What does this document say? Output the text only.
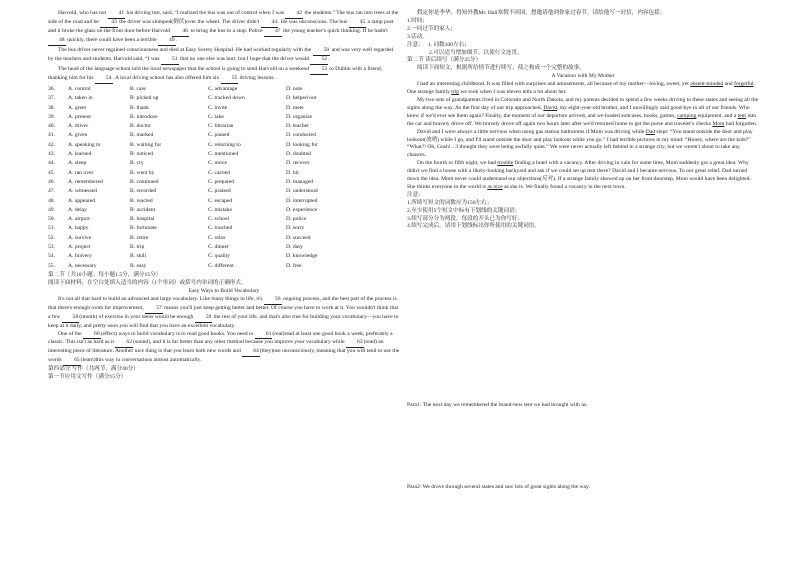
Harvold, who has not 41 his driving test, said, “I realized the bus was out of control when I was 42 the students.” The bus ran into trees at the side of the road and he 43 the driver was slumped(倒伏)over the wheel. The driver didn't 44. He was unconscious. The bus 45 a lamp post and it broke the glass on the front door before Harvold 46 to bring the bus to a stop. Police 47 the young teacher's quick thinking. If he hadn't 48 quickly, there could have been a terrible 49.

The bus driver never regained consciousness and died at Easy Surrey Hospital. He had worked regularly with the 50 and was very well regarded by the teachers and students. Harvold said, “I was 51 that no one else was hurt, but I hope that the driver would 52.

The head of the language school told the local newspaper that the school is going to send Harvold on a weekend 53 to Dublin with a friend, thanking him for his 54. A local driving school has also offered him six 55 driving lessons.

36.	A. control	B. care	C. advantage	D. note
37.	A. taken in	B. picked up	C. tracked down	D. helped out
38.	A. greet	B. thank	C. invite	D. meet
39.	A. present	B. introduce	C. take	D. organize
40.	A. driver	B. doctor	C. librarian	D. teacher
41.	A. given	B. marked	C. passed	D. conducted
42.	A. speaking to	B. waiting for	C. returning to	D. looking for
43.	A. learned	B. noticed	C. mentioned	D. doubted
44.	A. sleep	B. cry	C. move	D. recover
45.	A. ran over	B. went by	C. carried	D. hit
46.	A. remembered	B. continued	C. prepared	D. managed
47.	A. witnessed	B. recorded	C. praised	D. understood
48.	A. appeared	B. reacted	C. escaped	D. interrupted
49.	A. delay	B. accident	C. mistake	D. experience
50.	A. airport	B. hospital	C. school	D. police
51.	A. happy	B. fortunate	C. touched	D. sorry
52.	A. survive	B. retire	C. relax	D. succeed
53.	A. project	B. trip	C. dinner	D. duty
54.	A. bravery	B. skill	C. quality	D. knowledge
55.	A. necessary	B. easy	C. different	D. free

第二节（共10小题；每小题1.5分，满分15分）

阅读下面材料，在空白处填入适当的内容（1个单词）或括号内单词的正确形式。

Easy Ways to Build Vocabulary

It's not all that hard to build an advanced and large vocabulary. Like many things in life, it's 56 ongoing process, and the best part of the process is that there's enough room for improvement, 57 means you'll just keep getting better and better. Of course you have to work at it. You wouldn't think that a few 58(month) of exercise in your teens would be enough 59 the rest of your life, and that's also true for building your vocabulary—you have to keep at it daily, and pretty soon you will find that you have an excellent vocabulary.

One of the 60(effect) ways to build vocabulary is to read good books. You need to 61(real)read at least one good book a week, preferably a classic. This isn't as hard as it 62(sound), and it is far better than any other method because you improve your vocabulary while 63(read) an interesting piece of literature. Another nice thing is that you learn both new words and 64(they)use unconsciously, meaning that you will tend to use the words 65(learn)this way in conversations almost automatically.

第四部分 写作（共两节，满分40分）

第一节应用文写作（满分15分）

假定你是李华，得知外教Mr. Hall寒假不回国，想邀请他到你家过春节。请给他写一封信，内容包括：

1.时间；

2.一同过节的家人；

3.活动。

注意： 1. 词数100左右；

2.可以适当增加细节，以使行文连贯。

第二节 读后续写（满分25分）

阅读下面短文，根据所给情节进行续写，使之构成一个完整的故事。

A Vacation with My Mother

I had an interesting childhood. It was filled with surprises and amusements, all because of my mother—loving, sweet, yet absent-minded and forgetful. One strange family trip we took when I was eleven tells a lot about her.

My two sets of grandparents lived in Colorado and North Dakota, and my parents decided to spend a few weeks driving to these states and seeing all the sights along the way. As the first day of our trip approached, David, my eight-year-old brother, and I unwillingly said good-bye to all of our friends. Who knew if we'd ever see them again? Finally, the moment of our departure arrived, and we loaded suitcases, books, games, camping equipment, and a tent into the car and bravely drove off. We bravely drove off again two hours later after we'd returned home to get the purse and traveler's checks Mom had forgotten.

David and I were always a little nervous when using gas station bathrooms if Mom was driving while Dad slept: “You stand outside the door and play lookout(放哨) while I go, and I'll stand outside the door and play lookout while you go.” I had terrible pictures in my mind: “Honey, where are the kids?” “What?! Oh, Gosh!…I thought they were being awfully quiet.” We were never actually left behind in a strange city, but we weren't about to take any chances.

On the fourth or fifth night, we had trouble finding a hotel with a vacancy. After driving in vain for some time, Mom suddenly got a great idea: Why didn't we find a house with a likely-looking backyard and ask if we could set up tent there? David and I became nervous. To our great relief, Dad turned down the idea. Mom never could understand our objections(反对). If a strange family showed up on her front doorstep, Mom would have been delighted. She thinks everyone in the world is as nice as she is. We finally found a vacancy in the next town.

注意：

1.所续写短文的词数应为150左右；

2.至少使用5个短文中标有下划线的关键词语；

3.续写部分分为两段，每段的开头已为你写好；

4.续写完成后，请用下划线标出你所使用的关键词语。

Para1: The next day we remembered the brand-new tent we had brought with us.

Para2: We drove through several states and saw lots of great sights along the way.
